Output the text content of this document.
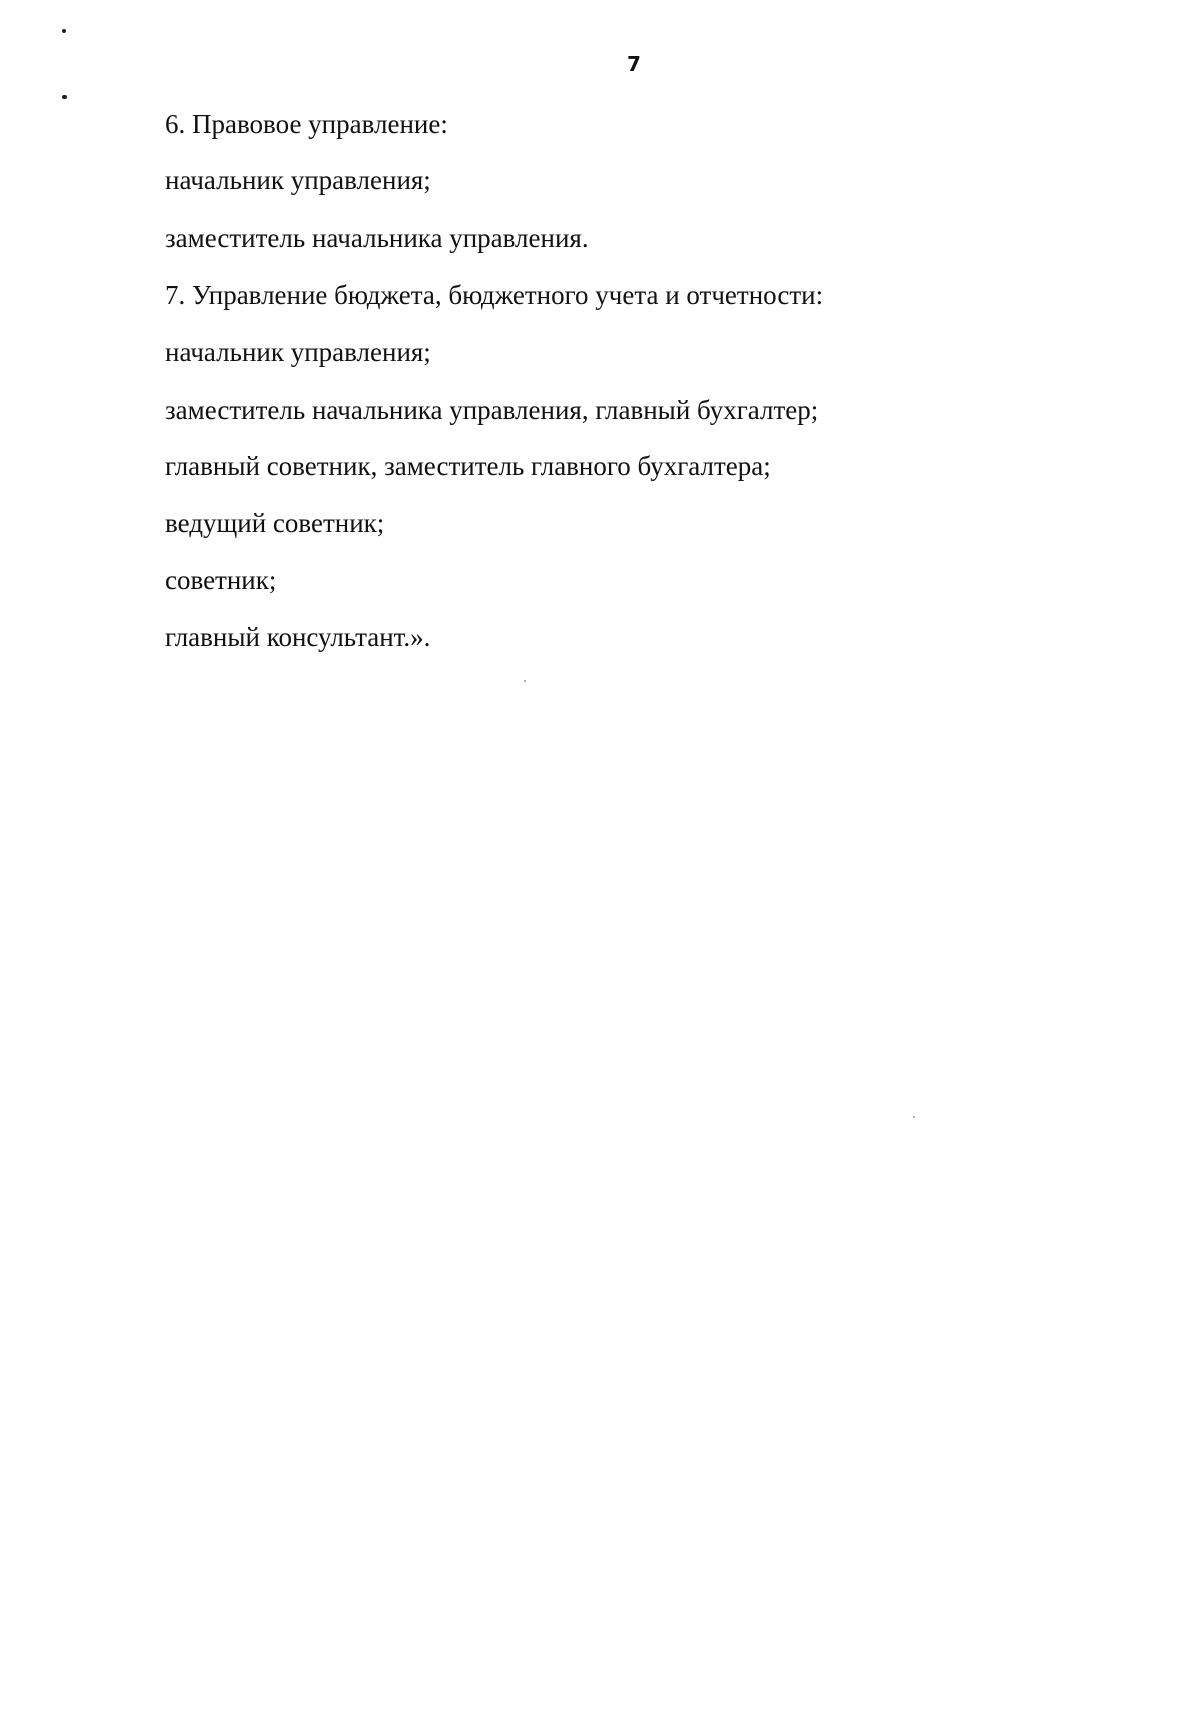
7
6. Правовое управление:
начальник управления;
заместитель начальника управления.
7. Управление бюджета, бюджетного учета и отчетности:
начальник управления;
заместитель начальника управления, главный бухгалтер;
главный советник, заместитель главного бухгалтера;
ведущий советник;
советник;
главный консультант.».
